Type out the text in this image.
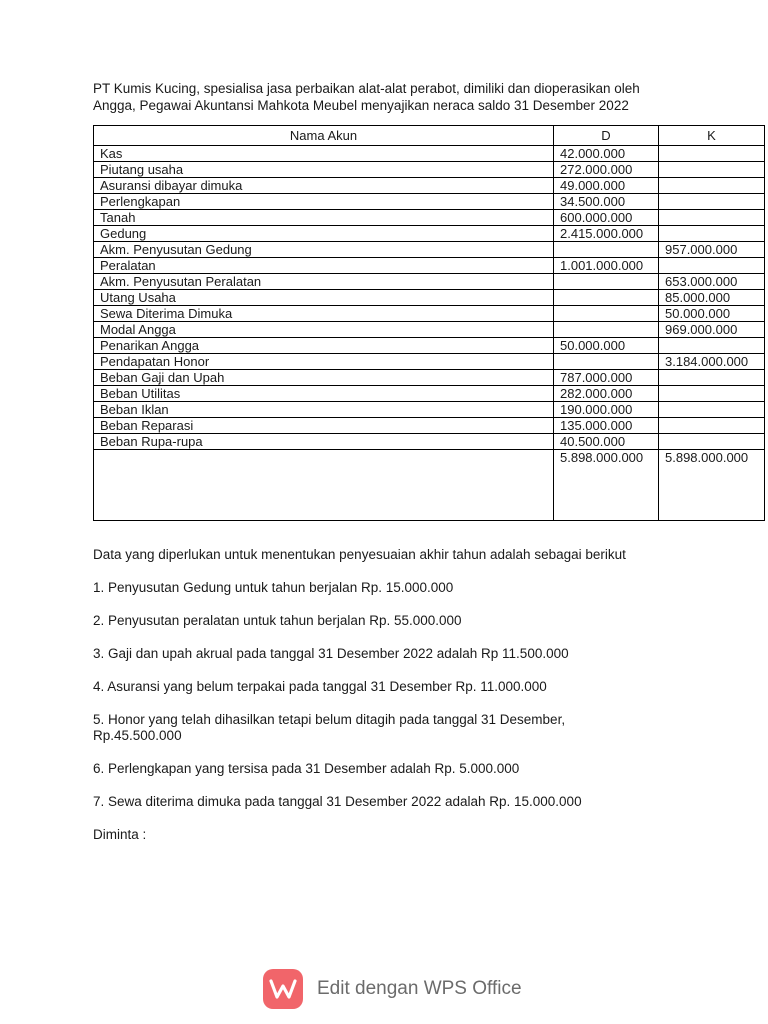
PT Kumis Kucing, spesialisa jasa perbaikan alat-alat perabot, dimiliki dan dioperasikan oleh
Angga, Pegawai Akuntansi Mahkota Meubel menyajikan neraca saldo 31 Desember 2022
Nama Akun	D	K
Kas	42.000.000	
Piutang usaha	272.000.000	
Asuransi dibayar dimuka	49.000.000	
Perlengkapan	34.500.000	
Tanah	600.000.000	
Gedung	2.415.000.000	
Akm. Penyusutan Gedung		957.000.000
Peralatan	1.001.000.000	
Akm. Penyusutan Peralatan		653.000.000
Utang Usaha		85.000.000
Sewa Diterima Dimuka		50.000.000
Modal Angga		969.000.000
Penarikan Angga	50.000.000	
Pendapatan Honor		3.184.000.000
Beban Gaji dan Upah	787.000.000	
Beban Utilitas	282.000.000	
Beban Iklan	190.000.000	
Beban Reparasi	135.000.000	
Beban Rupa-rupa	40.500.000	
	5.898.000.000	5.898.000.000

Data yang diperlukan untuk menentukan penyesuaian akhir tahun adalah sebagai berikut

1. Penyusutan Gedung untuk tahun berjalan Rp. 15.000.000

2. Penyusutan peralatan untuk tahun berjalan Rp. 55.000.000

3. Gaji dan upah akrual pada tanggal 31 Desember 2022 adalah Rp 11.500.000

4. Asuransi yang belum terpakai pada tanggal 31 Desember Rp. 11.000.000

5. Honor yang telah dihasilkan tetapi belum ditagih pada tanggal 31 Desember,
Rp.45.500.000

6. Perlengkapan yang tersisa pada 31 Desember adalah Rp. 5.000.000

7. Sewa diterima dimuka pada tanggal 31 Desember 2022 adalah Rp. 15.000.000

Diminta :

Edit dengan WPS Office
